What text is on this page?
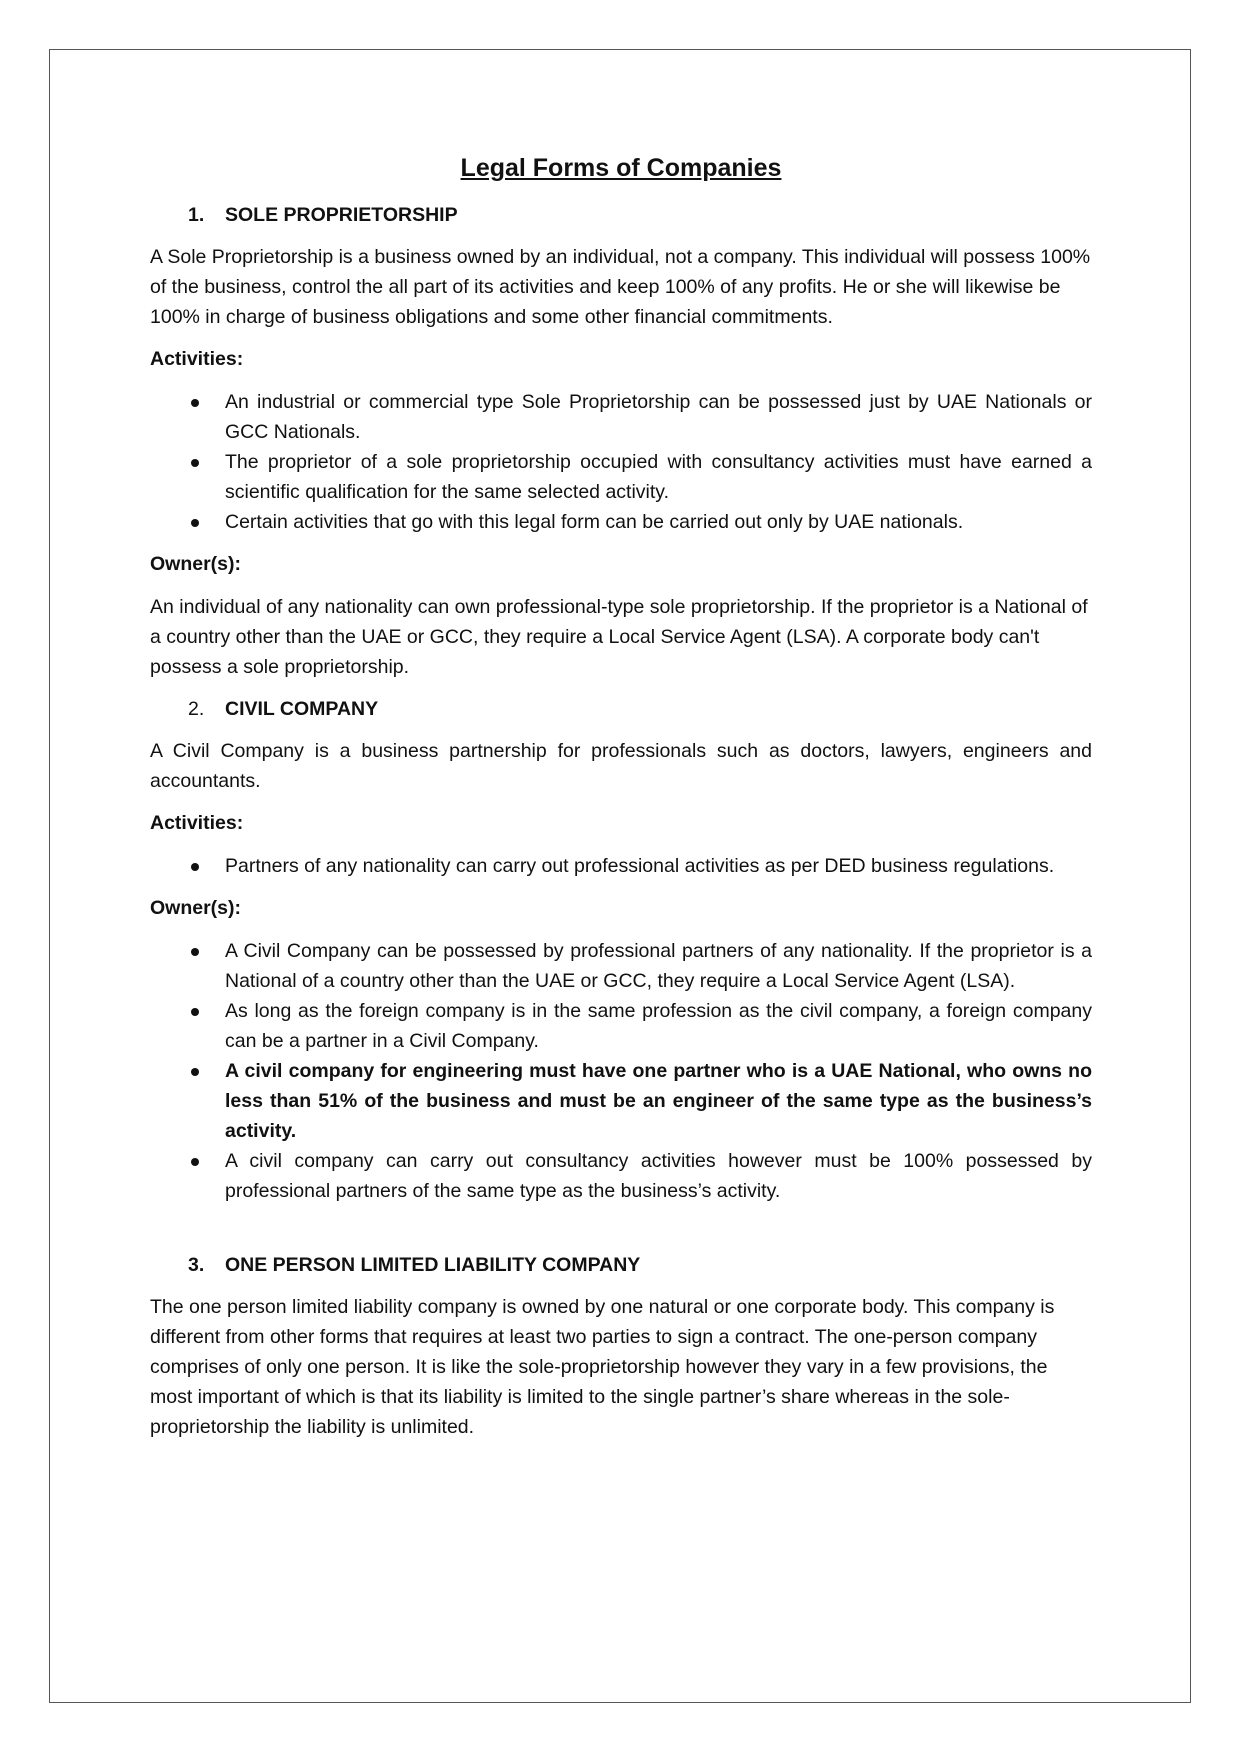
Legal Forms of Companies
1. SOLE PROPRIETORSHIP

A Sole Proprietorship is a business owned by an individual, not a company. This individual will possess 100% of the business, control the all part of its activities and keep 100% of any profits. He or she will likewise be 100% in charge of business obligations and some other financial commitments.

Activities:
An industrial or commercial type Sole Proprietorship can be possessed just by UAE Nationals or GCC Nationals.
The proprietor of a sole proprietorship occupied with consultancy activities must have earned a scientific qualification for the same selected activity.
Certain activities that go with this legal form can be carried out only by UAE nationals.
Owner(s):

An individual of any nationality can own professional-type sole proprietorship. If the proprietor is a National of a country other than the UAE or GCC, they require a Local Service Agent (LSA). A corporate body can't possess a sole proprietorship.

2. CIVIL COMPANY

A Civil Company is a business partnership for professionals such as doctors, lawyers, engineers and accountants.

Activities:
Partners of any nationality can carry out professional activities as per DED business regulations.
Owner(s):
A Civil Company can be possessed by professional partners of any nationality. If the proprietor is a National of a country other than the UAE or GCC, they require a Local Service Agent (LSA).
As long as the foreign company is in the same profession as the civil company, a foreign company can be a partner in a Civil Company.
A civil company for engineering must have one partner who is a UAE National, who owns no less than 51% of the business and must be an engineer of the same type as the business’s activity.
A civil company can carry out consultancy activities however must be 100% possessed by professional partners of the same type as the business’s activity.
3. ONE PERSON LIMITED LIABILITY COMPANY

The one person limited liability company is owned by one natural or one corporate body. This company is different from other forms that requires at least two parties to sign a contract. The one-person company comprises of only one person. It is like the sole-proprietorship however they vary in a few provisions, the most important of which is that its liability is limited to the single partner’s share whereas in the sole-proprietorship the liability is unlimited.
